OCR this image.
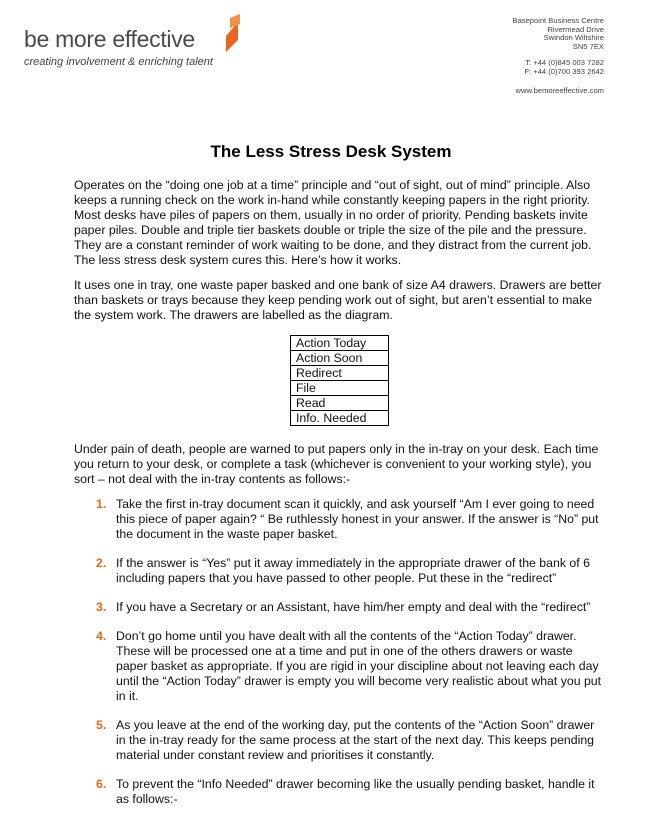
be more effective
creating involvement & enriching talent
Basepoint Business Centre
Rivermead Drive
Swindon Wiltshire
SN5 7EX
T: +44 (0)845 003 7282
F: +44 (0)700 393 2642
www.bemoreeffective.com
The Less Stress Desk System

Operates on the “doing one job at a time” principle and “out of sight, out of mind” principle. Also keeps a running check on the work in-hand while constantly keeping papers in the right priority. Most desks have piles of papers on them, usually in no order of priority. Pending baskets invite paper piles. Double and triple tier baskets double or triple the size of the pile and the pressure. They are a constant reminder of work waiting to be done, and they distract from the current job. The less stress desk system cures this. Here’s how it works.

It uses one in tray, one waste paper basked and one bank of size A4 drawers. Drawers are better than baskets or trays because they keep pending work out of sight, but aren’t essential to make the system work. The drawers are labelled as the diagram.

Action Today
Action Soon
Redirect
File
Read
Info. Needed

Under pain of death, people are warned to put papers only in the in-tray on your desk. Each time you return to your desk, or complete a task (whichever is convenient to your working style), you sort – not deal with the in-tray contents as follows:-

1. Take the first in-tray document scan it quickly, and ask yourself “Am I ever going to need this piece of paper again? “ Be ruthlessly honest in your answer. If the answer is “No” put the document in the waste paper basket.
2. If the answer is “Yes” put it away immediately in the appropriate drawer of the bank of 6 including papers that you have passed to other people. Put these in the “redirect”
3. If you have a Secretary or an Assistant, have him/her empty and deal with the “redirect”
4. Don’t go home until you have dealt with all the contents of the “Action Today” drawer. These will be processed one at a time and put in one of the others drawers or waste paper basket as appropriate. If you are rigid in your discipline about not leaving each day until the “Action Today” drawer is empty you will become very realistic about what you put in it.
5. As you leave at the end of the working day, put the contents of the “Action Soon” drawer in the in-tray ready for the same process at the start of the next day. This keeps pending material under constant review and prioritises it constantly.
6. To prevent the “Info Needed” drawer becoming like the usually pending basket, handle it as follows:-
